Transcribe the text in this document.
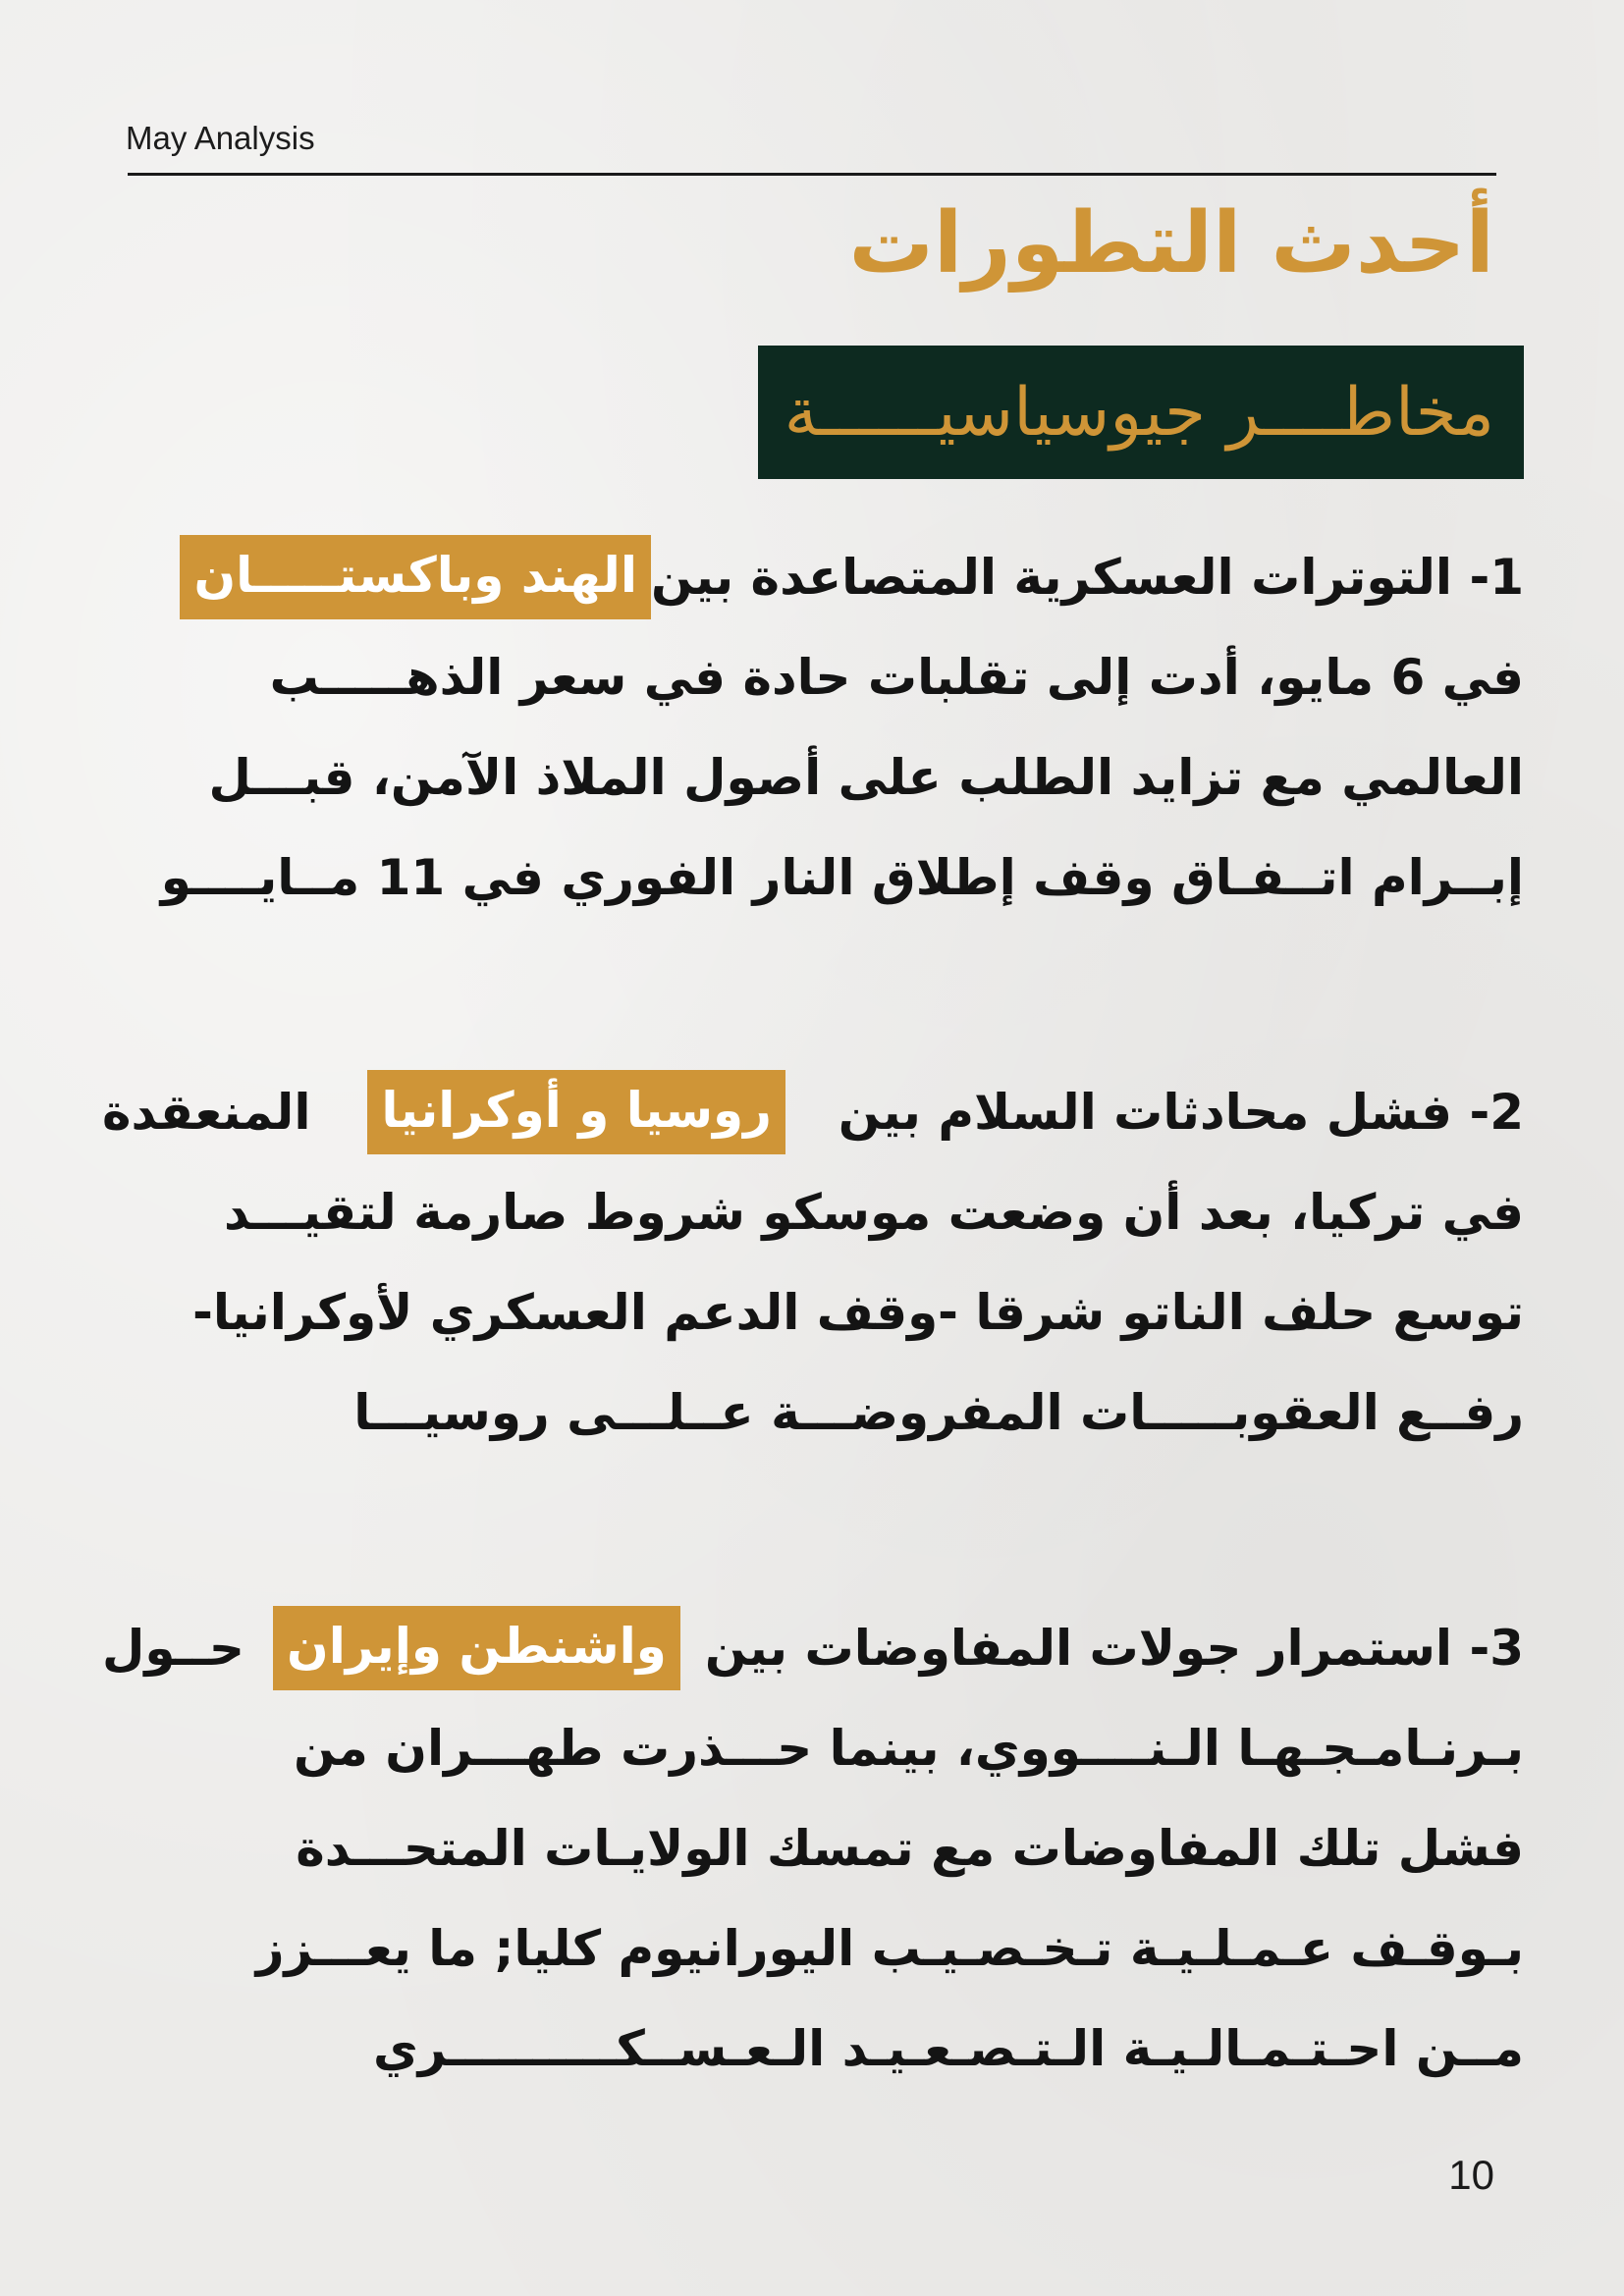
May Analysis
أحدث التطورات
مخاطــــر جيوسياسيــــــة
1- التوترات العسكرية المتصاعدة بين
الهند وباكستـــــان
في 6 مايو، أدت إلى تقلبات حادة في سعر الذهـــــب
العالمي مع تزايد الطلب على أصول الملاذ الآمن، قبـــل
إبــرام اتــفـاق وقف إطلاق النار الفوري في 11 مــايــــو
2- فشل محادثات السلام بين
روسيا و أوكرانيا
المنعقدة
في تركيا، بعد أن وضعت موسكو شروط صارمة لتقيـــد
توسع حلف الناتو شرقا -وقف الدعم العسكري لأوكرانيا-
رفــع العقوبـــــات المفروضـــة عــلـــى روسيـــا
3- استمرار جولات المفاوضات بين
واشنطن وإيران
حــول
بـرنـامـجـهـا الـنــــووي، بينما حـــذرت طهـــران من
فشل تلك المفاوضات مع تمسك الولايـات المتحـــدة
بـوقـف عـمـلـيـة تـخـصـيـب اليورانيوم كليا; ما يعـــزز
مــن احـتـمـالـيـة الـتـصـعـيـد الـعـســكــــــــــري
10
